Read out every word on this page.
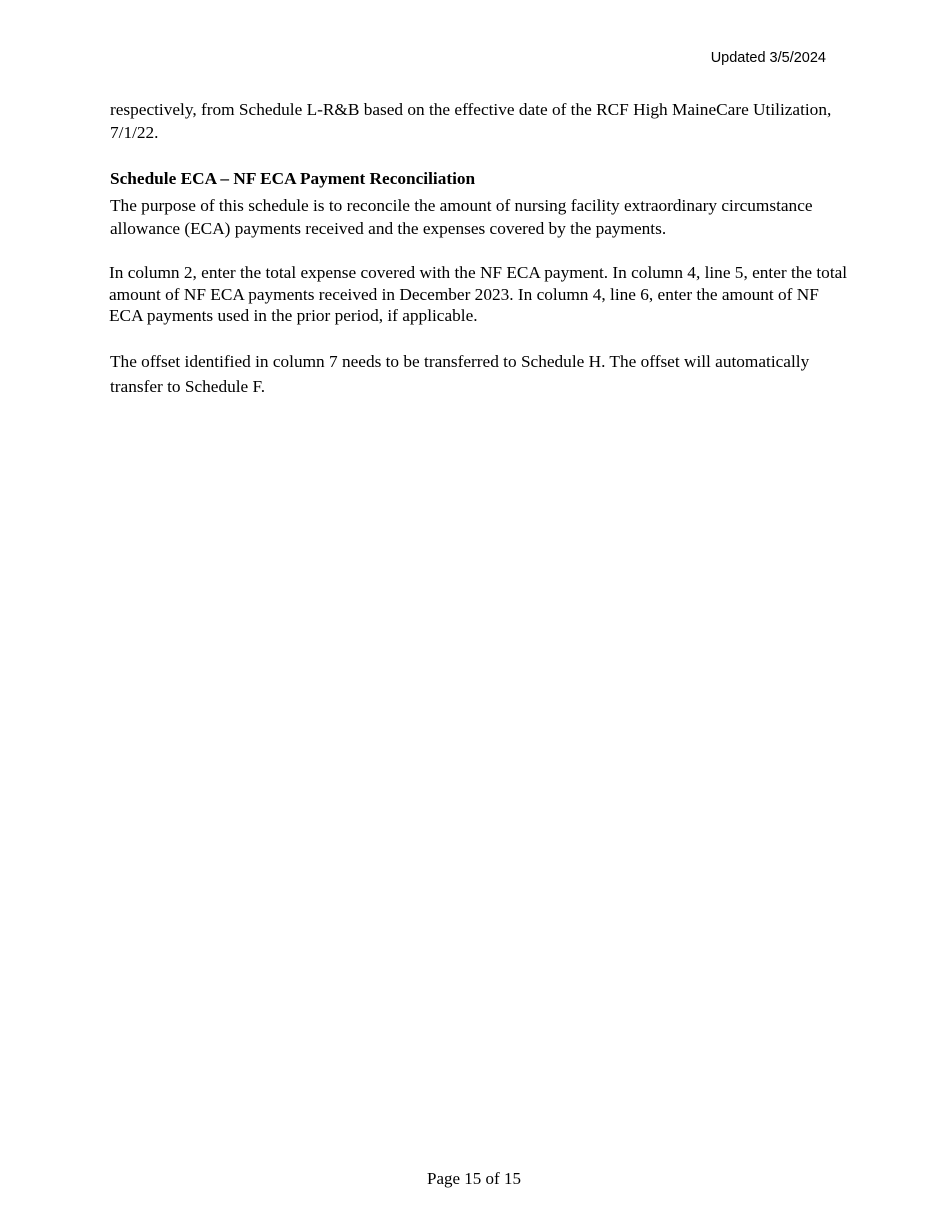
Updated 3/5/2024

respectively, from Schedule L-R&B based on the effective date of the RCF High MaineCare Utilization, 7/1/22.

Schedule ECA – NF ECA Payment Reconciliation

The purpose of this schedule is to reconcile the amount of nursing facility extraordinary circumstance allowance (ECA) payments received and the expenses covered by the payments.

In column 2, enter the total expense covered with the NF ECA payment. In column 4, line 5, enter the total amount of NF ECA payments received in December 2023. In column 4, line 6, enter the amount of NF ECA payments used in the prior period, if applicable.

The offset identified in column 7 needs to be transferred to Schedule H. The offset will automatically transfer to Schedule F.

Page 15 of 15
